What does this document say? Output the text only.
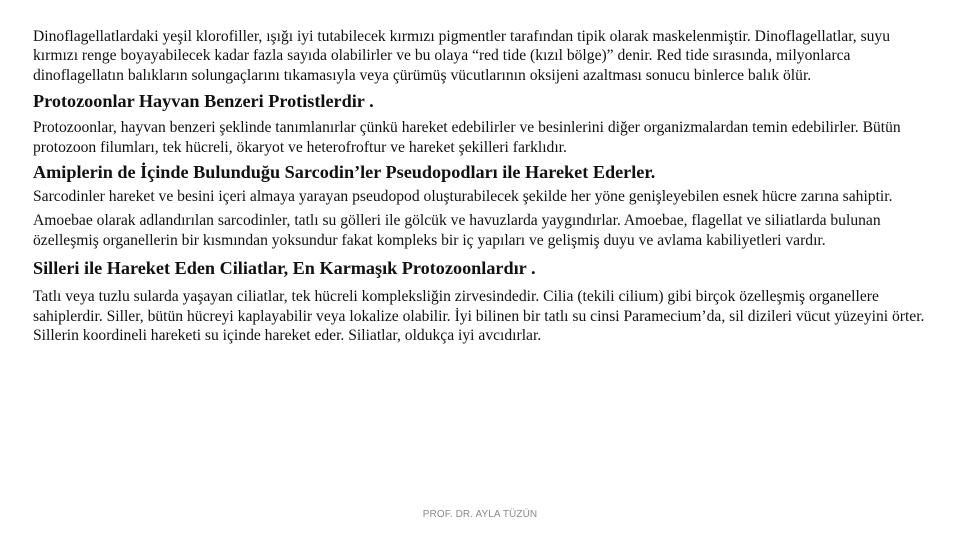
Dinoflagellatlardaki yeşil klorofiller, ışığı iyi tutabilecek kırmızı pigmentler tarafından tipik olarak maskelenmiştir. Dinoflagellatlar, suyu kırmızı renge boyayabilecek kadar fazla sayıda olabilirler ve bu olaya “red tide (kızıl bölge)” denir. Red tide sırasında, milyonlarca dinoflagellatın balıkların solungaçlarını tıkamasıyla veya çürümüş vücutlarının oksijeni azaltması sonucu binlerce balık ölür.

Protozoonlar Hayvan Benzeri Protistlerdir .

Protozoonlar, hayvan benzeri şeklinde tanımlanırlar çünkü hareket edebilirler ve besinlerini diğer organizmalardan temin edebilirler. Bütün protozoon filumları, tek hücreli, ökaryot ve heterofroftur ve hareket şekilleri farklıdır.

Amiplerin de İçinde Bulunduğu Sarcodin’ler Pseudopodları ile Hareket Ederler.

Sarcodinler hareket ve besini içeri almaya yarayan pseudopod oluşturabilecek şekilde her yöne genişleyebilen esnek hücre zarına sahiptir.

Amoebae olarak adlandırılan sarcodinler, tatlı su gölleri ile gölcük ve havuzlarda yaygındırlar. Amoebae, flagellat ve siliatlarda bulunan özelleşmiş organellerin bir kısmından yoksundur fakat kompleks bir iç yapıları ve gelişmiş duyu ve avlama kabiliyetleri vardır.

Silleri ile Hareket Eden Ciliatlar, En Karmaşık Protozoonlardır .

Tatlı veya tuzlu sularda yaşayan ciliatlar, tek hücreli kompleksliğin zirvesindedir. Cilia (tekili cilium) gibi birçok özelleşmiş organellere sahiplerdir. Siller, bütün hücreyi kaplayabilir veya lokalize olabilir. İyi bilinen bir tatlı su cinsi Paramecium’da, sil dizileri vücut yüzeyini örter. Sillerin koordineli hareketi su içinde hareket eder. Siliatlar, oldukça iyi avcıdırlar.

PROF. DR. AYLA TÜZÜN
